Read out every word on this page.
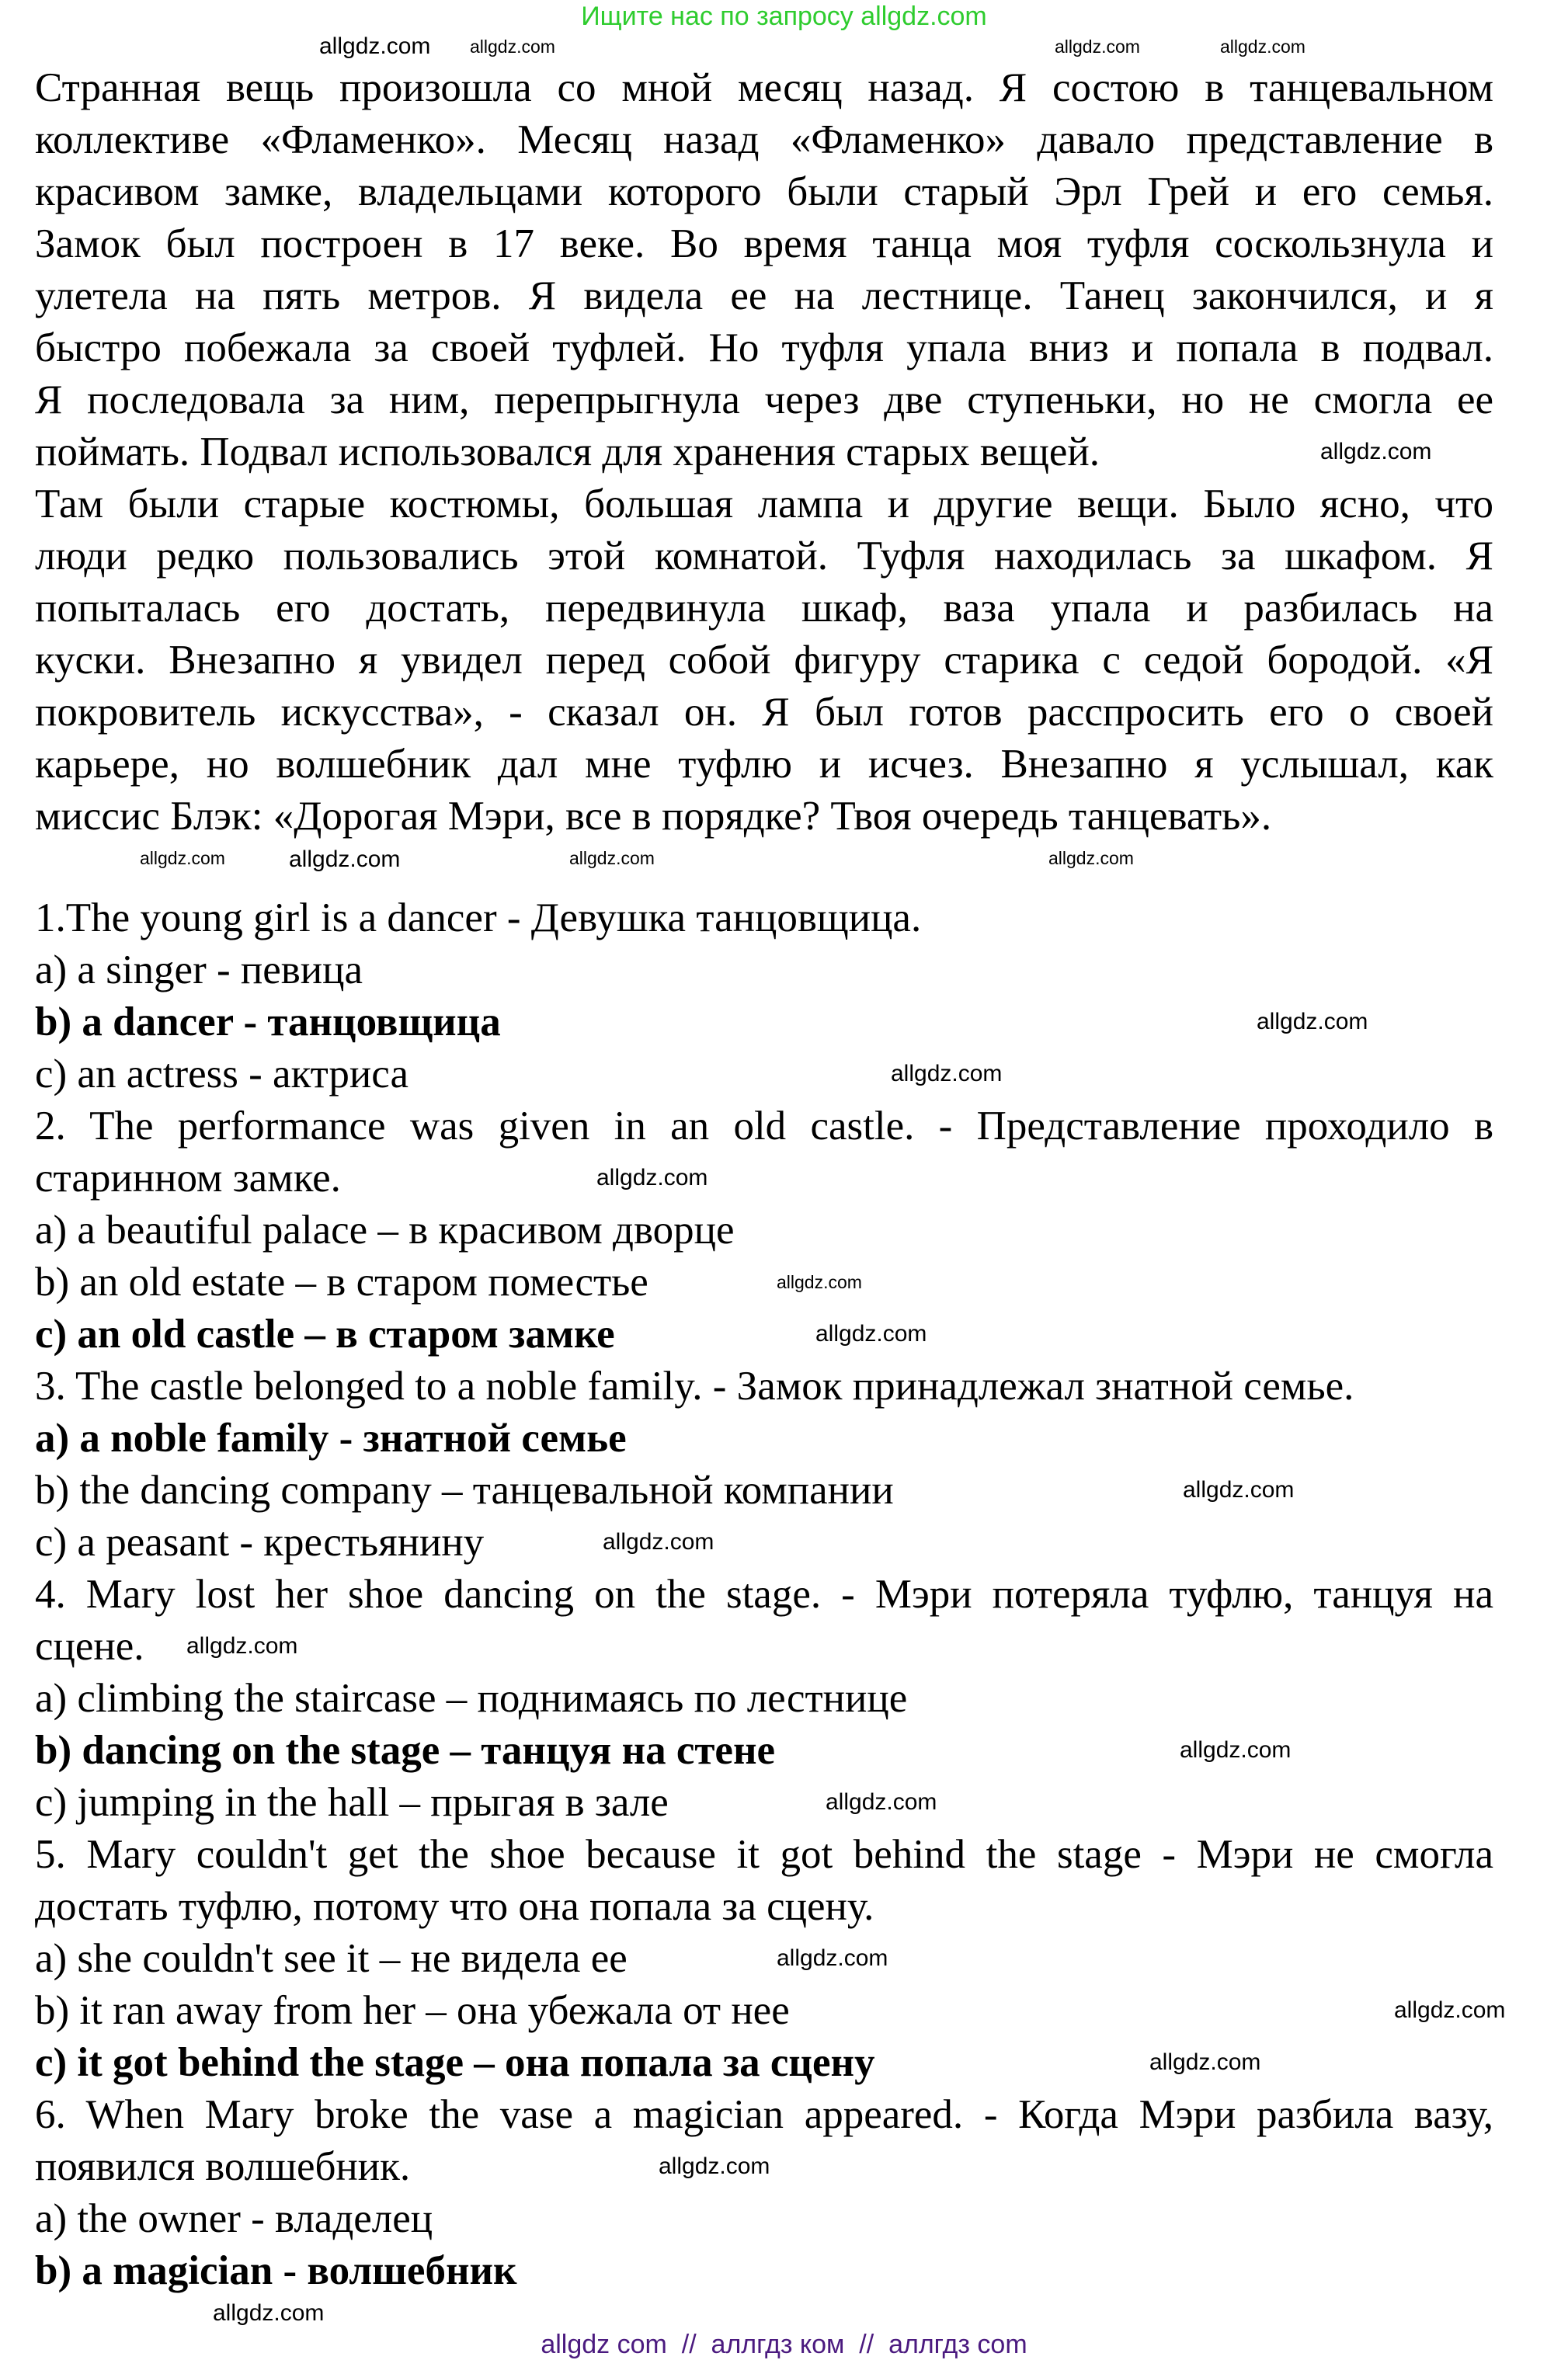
Ищите нас по запросу allgdz.com
Странная вещь произошла со мной месяц назад. Я состою в танцевальном
коллективе «Фламенко». Месяц назад «Фламенко» давало представление в
красивом замке, владельцами которого были старый Эрл Грей и его семья.
Замок был построен в 17 веке. Во время танца моя туфля соскользнула и
улетела на пять метров. Я видела ее на лестнице. Танец закончился, и я
быстро побежала за своей туфлей. Но туфля упала вниз и попала в подвал.
Я последовала за ним, перепрыгнула через две ступеньки, но не смогла ее
поймать. Подвал использовался для хранения старых вещей.
Там были старые костюмы, большая лампа и другие вещи. Было ясно, что
люди редко пользовались этой комнатой. Туфля находилась за шкафом. Я
попыталась его достать, передвинула шкаф, ваза упала и разбилась на
куски. Внезапно я увидел перед собой фигуру старика с седой бородой. «Я
покровитель искусства», - сказал он. Я был готов расспросить его о своей
карьере, но волшебник дал мне туфлю и исчез. Внезапно я услышал, как
миссис Блэк: «Дорогая Мэри, все в порядке? Твоя очередь танцевать».
1.The young girl is a dancer - Девушка танцовщица.
a) a singer - певица
b) a dancer - танцовщица
c) an actress - актриса
2. The performance was given in an old castle. - Представление проходило в
старинном замке.
a) a beautiful palace – в красивом дворце
b) an old estate – в старом поместье
c) an old castle – в старом замке
3. The castle belonged to a noble family. - Замок принадлежал знатной семье.
a) a noble family - знатной семье
b) the dancing company – танцевальной компании
c) a peasant - крестьянину
4. Mary lost her shoe dancing on the stage. - Мэри потеряла туфлю, танцуя на
сцене.
a) climbing the staircase – поднимаясь по лестнице
b) dancing on the stage – танцуя на стене
c) jumping in the hall – прыгая в зале
5. Mary couldn't get the shoe because it got behind the stage - Мэри не смогла
достать туфлю, потому что она попала за сцену.
a) she couldn't see it – не видела ее
b) it ran away from her – она убежала от нее
c) it got behind the stage – она попала за сцену
6. When Mary broke the vase a magician appeared. - Когда Мэри разбила вазу,
появился волшебник.
a) the owner - владелец
b) a magician - волшебник
allgdz.com	allgdz.com	allgdz.com
allgdz.com
allgdz.com
allgdz.com	allgdz.com
allgdz.com
allgdz.com
allgdz.com
allgdz.com
allgdz.com
allgdz.com
allgdz.com
allgdz.com
allgdz.com
allgdz.com
allgdz.com
allgdz.com
allgdz.com
allgdz.com
allgdz.com
allgdz.com
allgdz.com
allgdz com  //  аллгдз ком  //  аллгдз com
